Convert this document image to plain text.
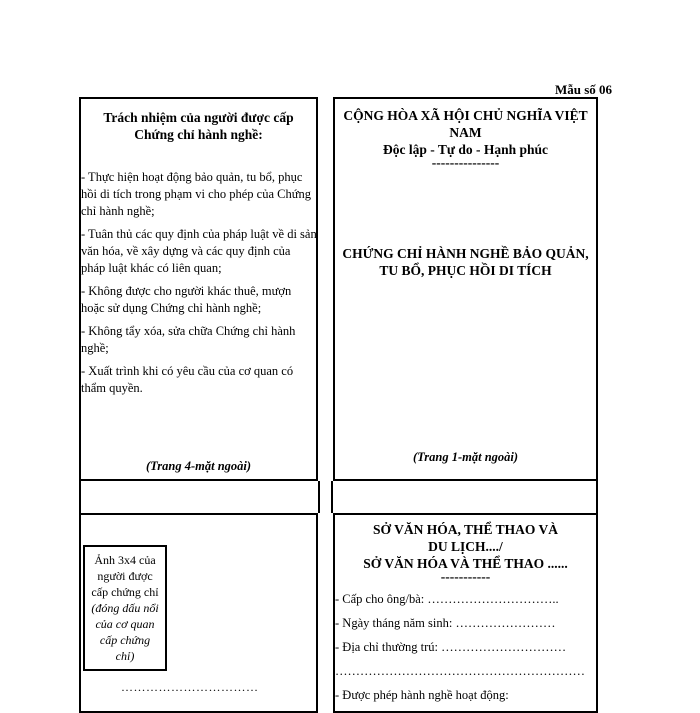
Mẫu số 06
Trách nhiệm của người được cấp
Chứng chỉ hành nghề:

- Thực hiện hoạt động bảo quản, tu bổ, phục hồi di tích trong phạm vi cho phép của Chứng chỉ hành nghề;

- Tuân thủ các quy định của pháp luật về di sản văn hóa, về xây dựng và các quy định của pháp luật khác có liên quan;

- Không được cho người khác thuê, mượn hoặc sử dụng Chứng chỉ hành nghề;

- Không tẩy xóa, sửa chữa Chứng chỉ hành nghề;

- Xuất trình khi có yêu cầu của cơ quan có thẩm quyền.

(Trang 4-mặt ngoài)
CỘNG HÒA XÃ HỘI CHỦ NGHĨA VIỆT
NAM
Độc lập - Tự do - Hạnh phúc
---------------
CHỨNG CHỈ HÀNH NGHỀ BẢO QUẢN,
TU BỔ, PHỤC HỒI DI TÍCH
(Trang 1-mặt ngoài)
Ảnh 3x4 của
người được
cấp chứng chỉ
(đóng dấu nổi
của cơ quan
cấp chứng
chỉ)
……………………………
SỞ VĂN HÓA, THỂ THAO VÀ
DU LỊCH..../
SỞ VĂN HÓA VÀ THỂ THAO ......
-----------

- Cấp cho ông/bà: …………………………..

- Ngày tháng năm sinh: ……………………

- Địa chỉ thường trú: …………………………

……………………………………………………

- Được phép hành nghề hoạt động:
